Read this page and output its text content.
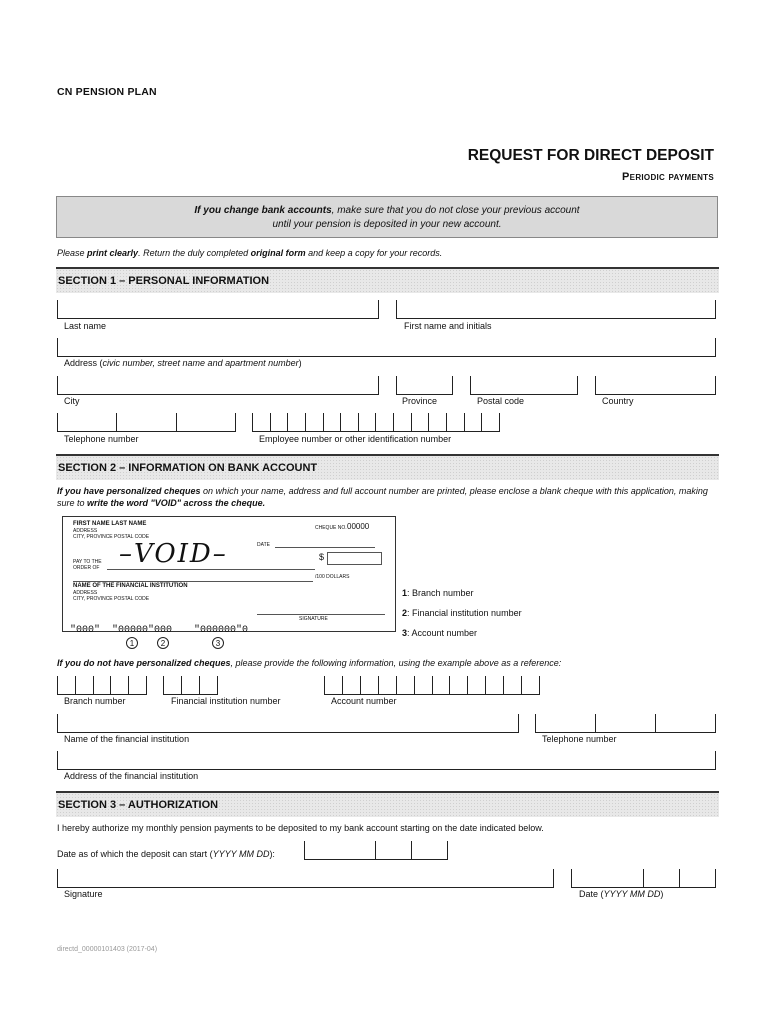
CN PENSION PLAN
REQUEST FOR DIRECT DEPOSIT
Periodic payments
If you change bank accounts, make sure that you do not close your previous account
until your pension is deposited in your new account.
Please print clearly. Return the duly completed original form and keep a copy for your records.
SECTION 1 – PERSONAL INFORMATION
Last name	First name and initials
Address (civic number, street name and apartment number)
City	Province	Postal code	Country
Telephone number	Employee number or other identification number
SECTION 2 – INFORMATION ON BANK ACCOUNT
If you have personalized cheques on which your name, address and full account number are printed, please enclose a blank cheque with this application, making sure to write the word "VOID" across the cheque.
FIRST NAME LAST NAME
ADDRESS
CITY, PROVINCE POSTAL CODE
CHEQUE NO. 00000
DATE
PAY TO THE ORDER OF
$
/100 DOLLARS
–VOID–
NAME OF THE FINANCIAL INSTITUTION
ADDRESS
CITY, PROVINCE POSTAL CODE
SIGNATURE
"000" "00000"000 "000000"0
1	2	3
1: Branch number
2: Financial institution number
3: Account number
If you do not have personalized cheques, please provide the following information, using the example above as a reference:
Branch number	Financial institution number	Account number
Name of the financial institution	Telephone number
Address of the financial institution
SECTION 3 – AUTHORIZATION
I hereby authorize my monthly pension payments to be deposited to my bank account starting on the date indicated below.
Date as of which the deposit can start (YYYY MM DD):
Signature	Date (YYYY MM DD)
directd_00000101403 (2017-04)
